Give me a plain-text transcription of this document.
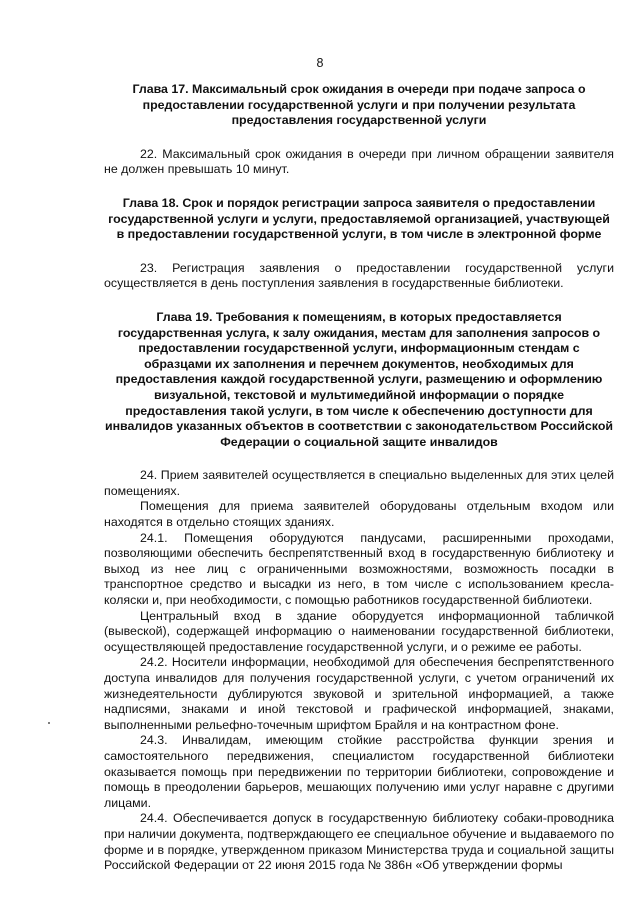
8

Глава 17. Максимальный срок ожидания в очереди при подаче запроса о предоставлении государственной услуги и при получении результата предоставления государственной услуги

22. Максимальный срок ожидания в очереди при личном обращении заявителя не должен превышать 10 минут.

Глава 18. Срок и порядок регистрации запроса заявителя о предоставлении государственной услуги и услуги, предоставляемой организацией, участвующей в предоставлении государственной услуги, в том числе в электронной форме

23. Регистрация заявления о предоставлении государственной услуги осуществляется в день поступления заявления в государственные библиотеки.

Глава 19. Требования к помещениям, в которых предоставляется государственная услуга, к залу ожидания, местам для заполнения запросов о предоставлении государственной услуги, информационным стендам с образцами их заполнения и перечнем документов, необходимых для предоставления каждой государственной услуги, размещению и оформлению визуальной, текстовой и мультимедийной информации о порядке предоставления такой услуги, в том числе к обеспечению доступности для инвалидов указанных объектов в соответствии с законодательством Российской Федерации о социальной защите инвалидов

24. Прием заявителей осуществляется в специально выделенных для этих целей помещениях.

Помещения для приема заявителей оборудованы отдельным входом или находятся в отдельно стоящих зданиях.

24.1. Помещения оборудуются пандусами, расширенными проходами, позволяющими обеспечить беспрепятственный вход в государственную библиотеку и выход из нее лиц с ограниченными возможностями, возможность посадки в транспортное средство и высадки из него, в том числе с использованием кресла-коляски и, при необходимости, с помощью работников государственной библиотеки.

Центральный вход в здание оборудуется информационной табличкой (вывеской), содержащей информацию о наименовании государственной библиотеки, осуществляющей предоставление государственной услуги, и о режиме ее работы.

24.2. Носители информации, необходимой для обеспечения беспрепятственного доступа инвалидов для получения государственной услуги, с учетом ограничений их жизнедеятельности дублируются звуковой и зрительной информацией, а также надписями, знаками и иной текстовой и графической информацией, знаками, выполненными рельефно-точечным шрифтом Брайля и на контрастном фоне.

24.3. Инвалидам, имеющим стойкие расстройства функции зрения и самостоятельного передвижения, специалистом государственной библиотеки оказывается помощь при передвижении по территории библиотеки, сопровождение и помощь в преодолении барьеров, мешающих получению ими услуг наравне с другими лицами.

24.4. Обеспечивается допуск в государственную библиотеку собаки-проводника при наличии документа, подтверждающего ее специальное обучение и выдаваемого по форме и в порядке, утвержденном приказом Министерства труда и социальной защиты Российской Федерации от 22 июня 2015 года № 386н «Об утверждении формы
